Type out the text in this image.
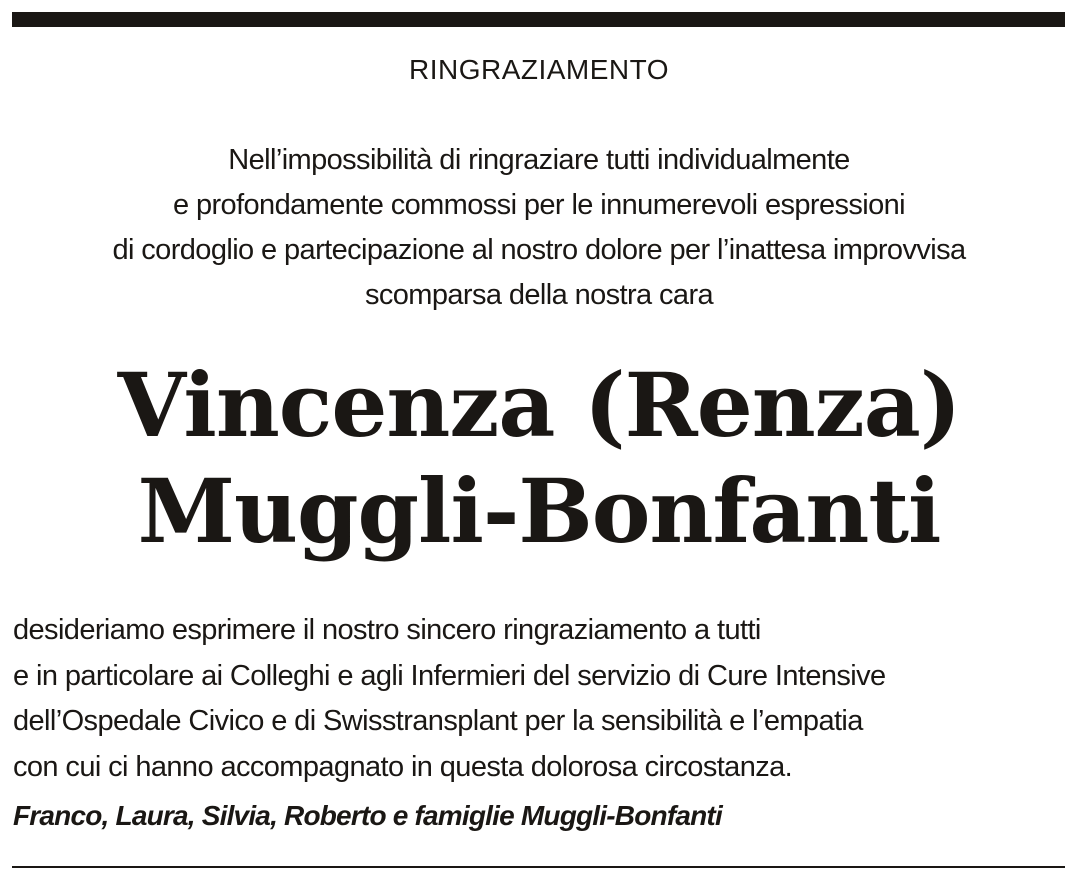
RINGRAZIAMENTO
Nell’impossibilità di ringraziare tutti individualmente
e profondamente commossi per le innumerevoli espressioni
di cordoglio e partecipazione al nostro dolore per l’inattesa improvvisa
scomparsa della nostra cara
Vincenza (Renza)
Muggli-Bonfanti
desideriamo esprimere il nostro sincero ringraziamento a tutti
e in particolare ai Colleghi e agli Infermieri del servizio di Cure Intensive
dell’Ospedale Civico e di Swisstransplant per la sensibilità e l’empatia
con cui ci hanno accompagnato in questa dolorosa circostanza.
Franco, Laura, Silvia, Roberto e famiglie Muggli-Bonfanti
